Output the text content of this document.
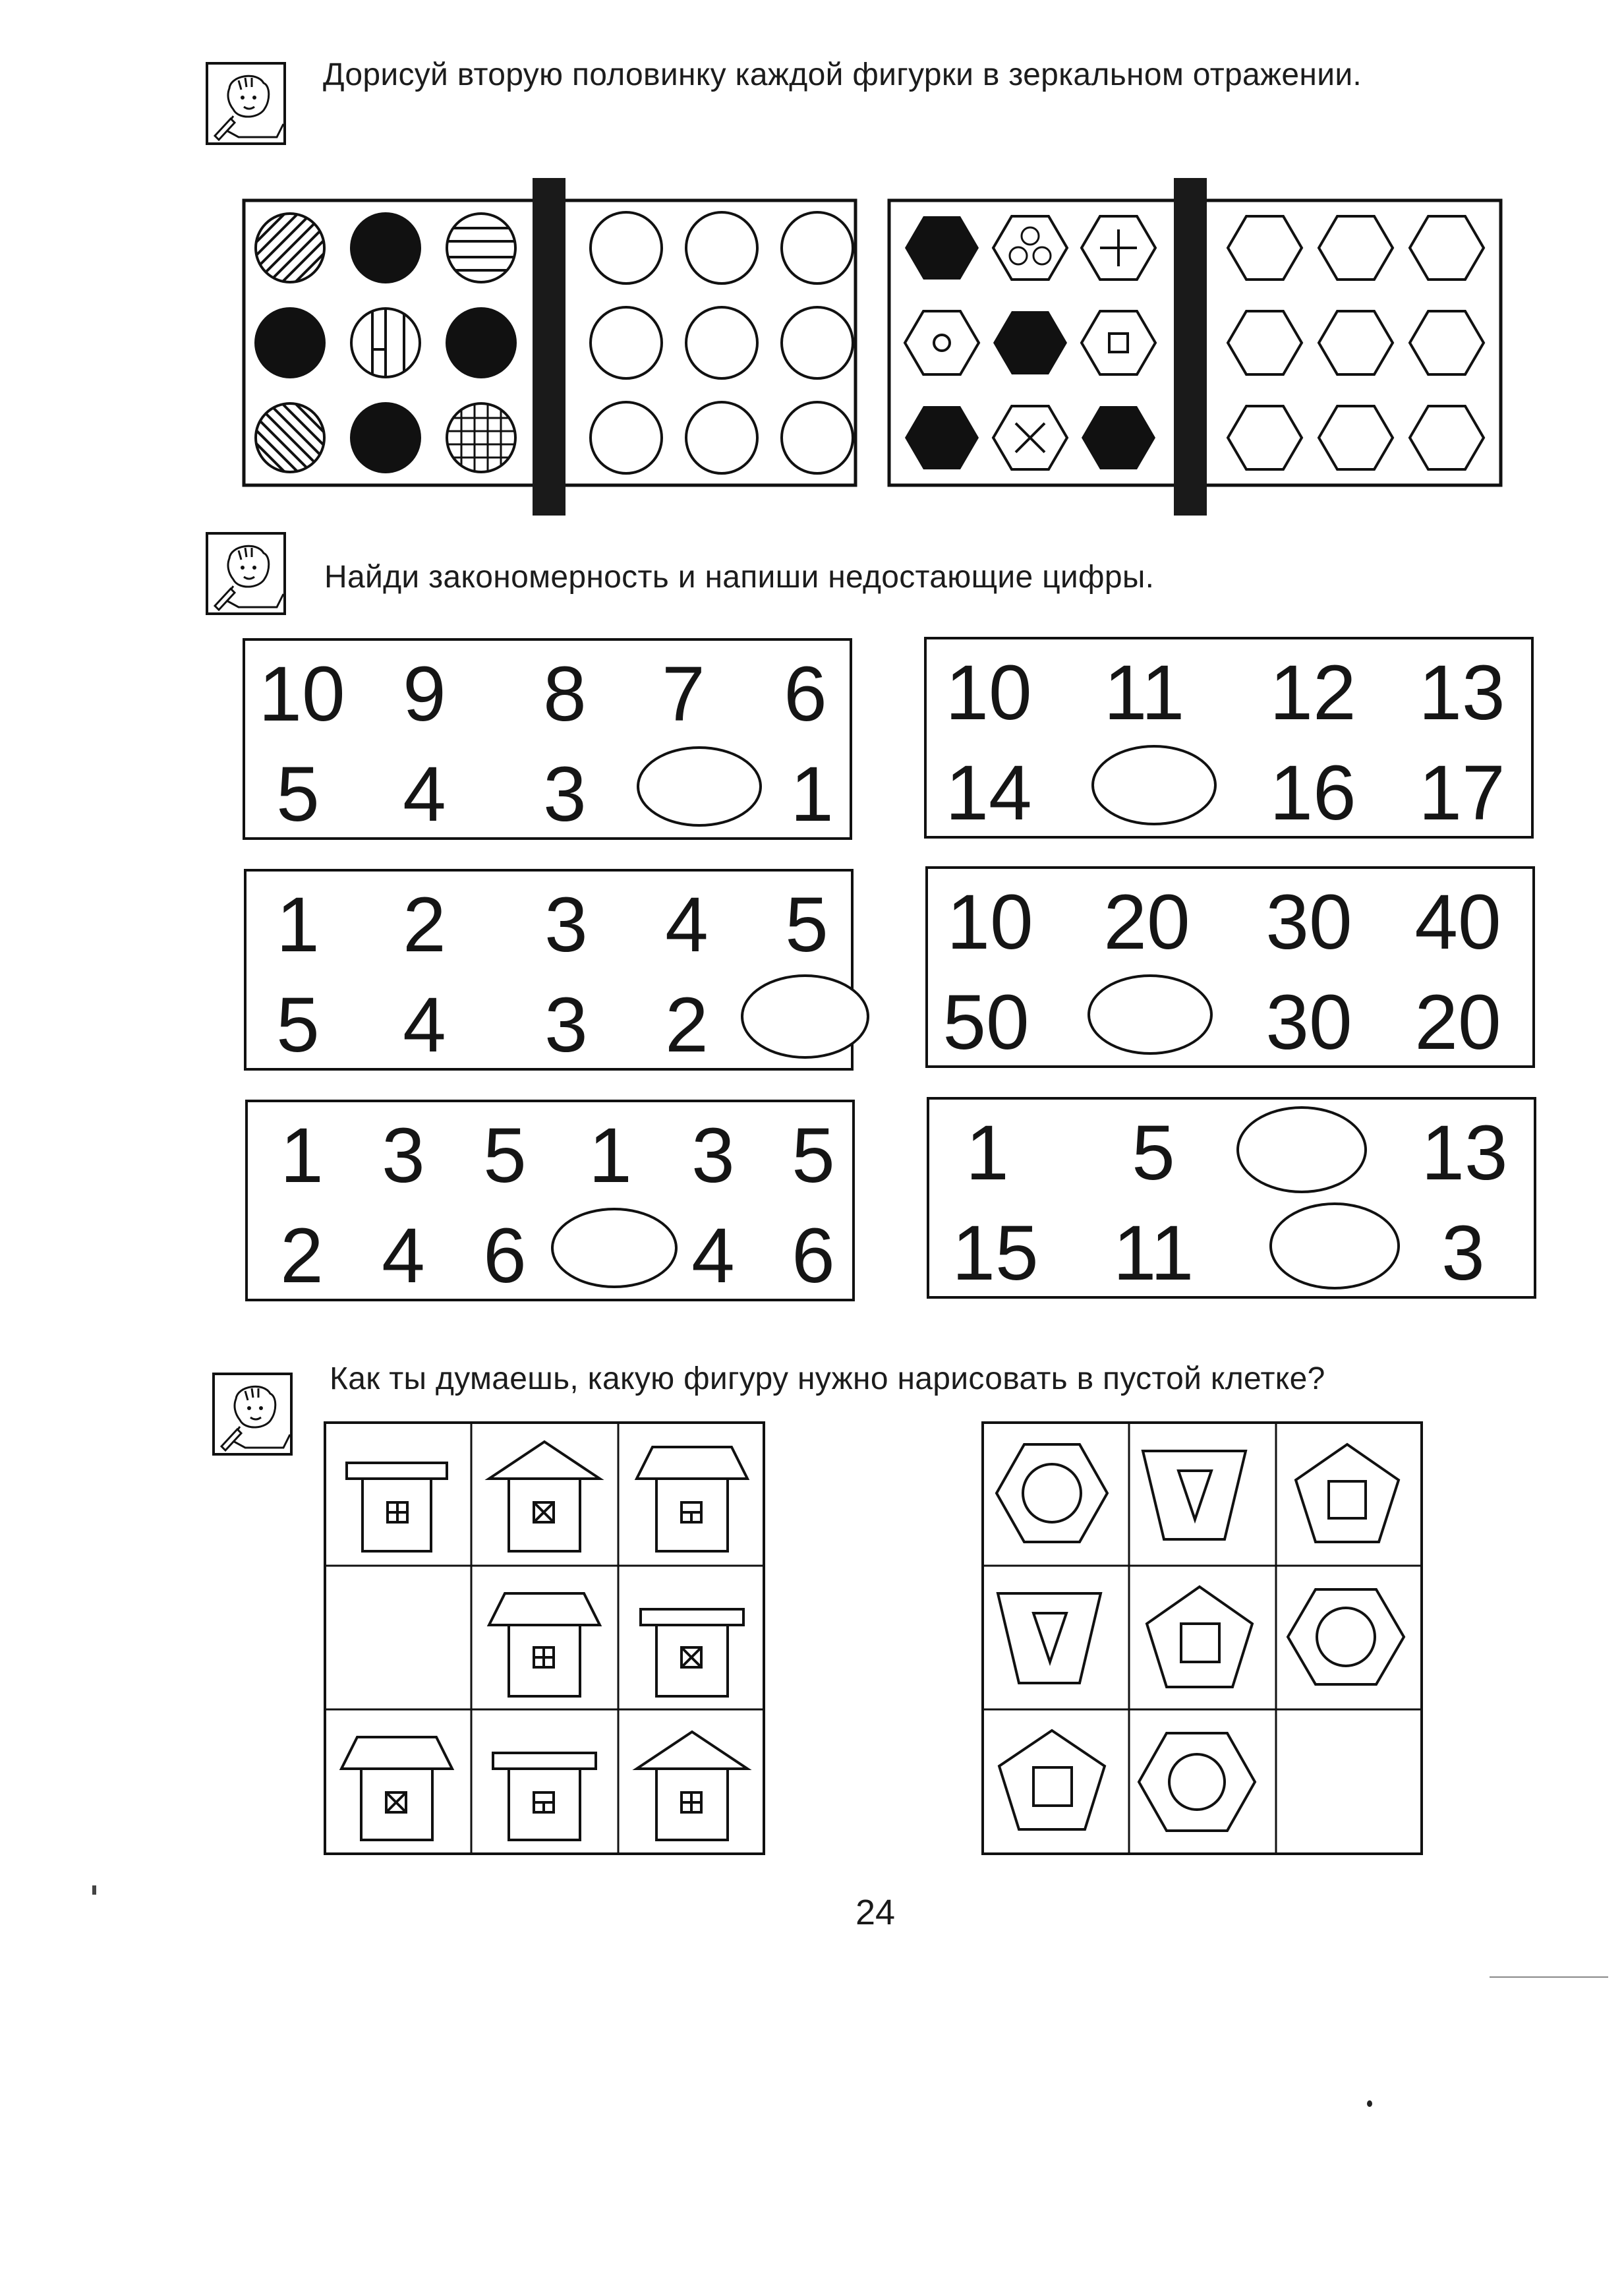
Дорисуй вторую половинку каждой фигурки в зеркальном отражении.
Найди закономерность и напиши недостающие цифры.
Как ты думаешь, какую фигуру нужно нарисовать в пустой клетке?
10 9 8 7 6
5 4 3	1
10 11 12 13
14	16 17
1 2 3 4 5
5 4 3 2
10 20 30 40
50	30 20
1 3 5 1 3 5
2 4 6 4 6
1 5	13
15 11	3
24
